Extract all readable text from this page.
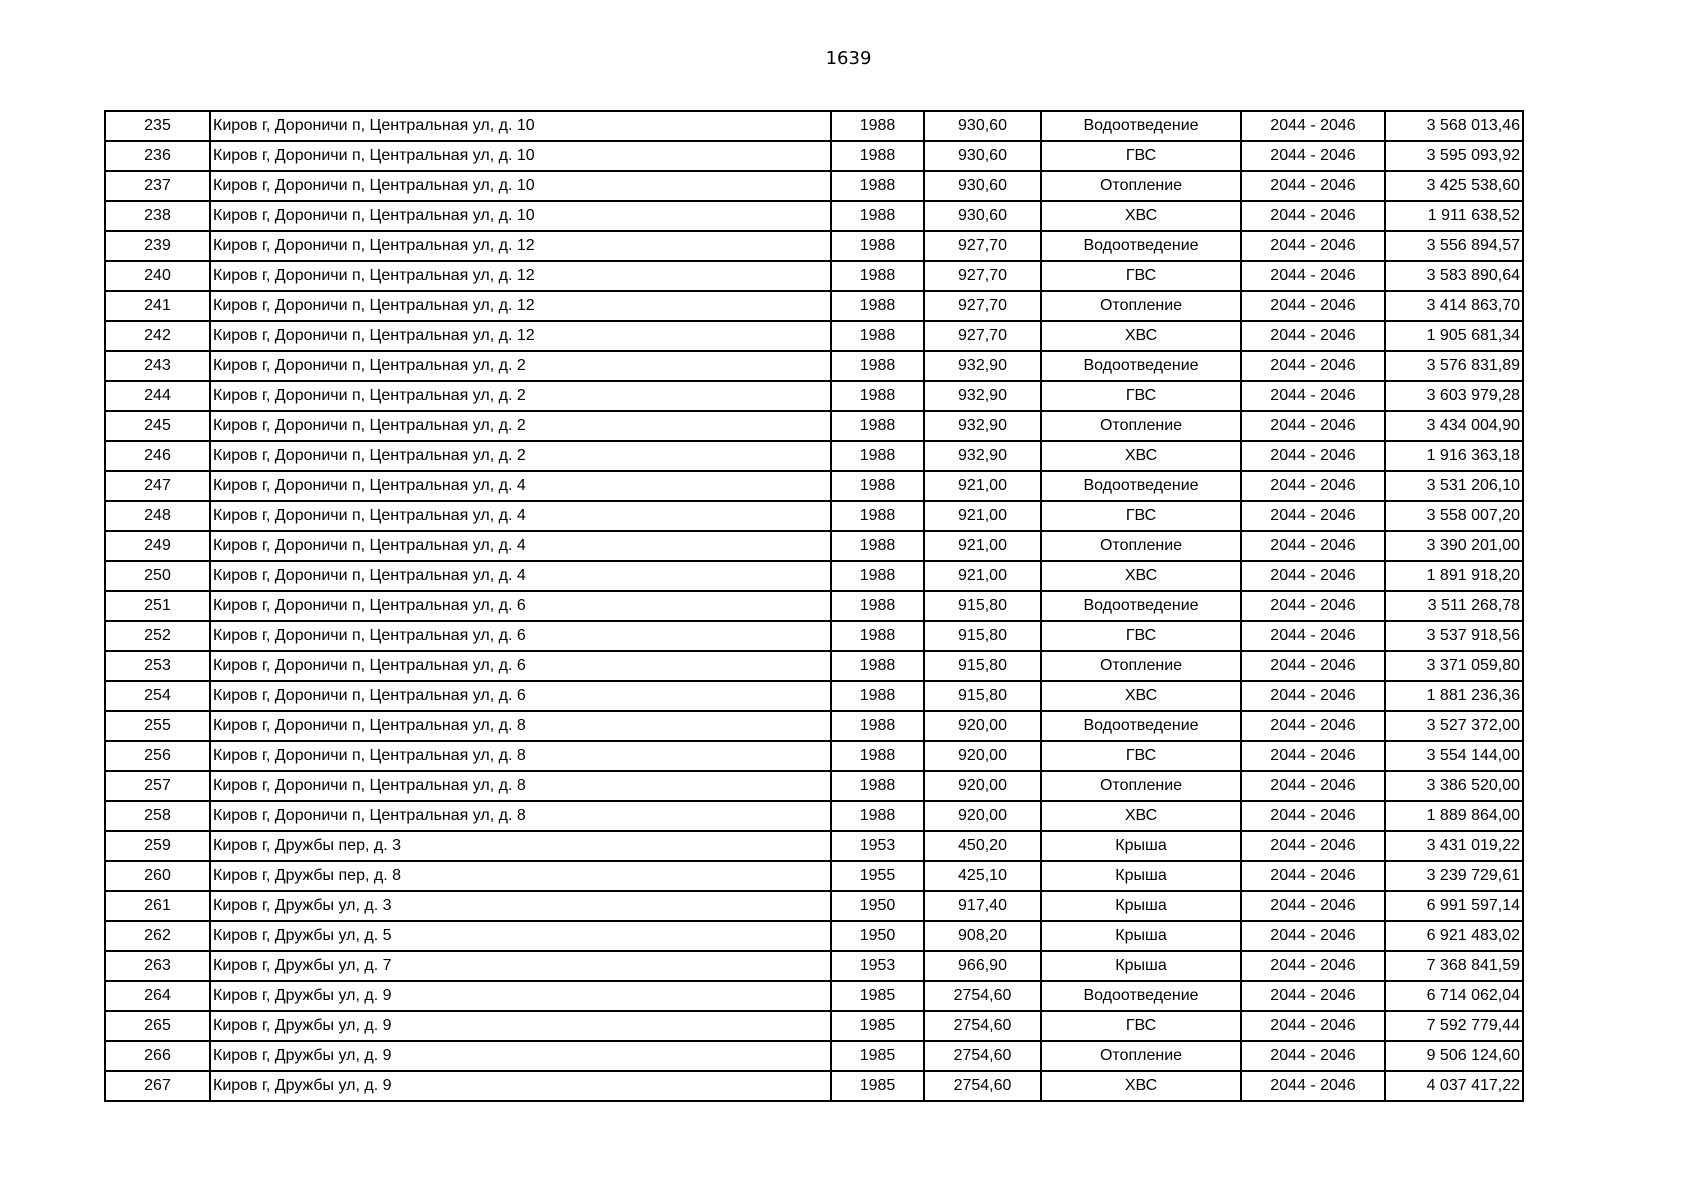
1639
235	Киров г, Дороничи п, Центральная ул, д. 10	1988	930,60	Водоотведение	2044 - 2046	3 568 013,46
236	Киров г, Дороничи п, Центральная ул, д. 10	1988	930,60	ГВС	2044 - 2046	3 595 093,92
237	Киров г, Дороничи п, Центральная ул, д. 10	1988	930,60	Отопление	2044 - 2046	3 425 538,60
238	Киров г, Дороничи п, Центральная ул, д. 10	1988	930,60	ХВС	2044 - 2046	1 911 638,52
239	Киров г, Дороничи п, Центральная ул, д. 12	1988	927,70	Водоотведение	2044 - 2046	3 556 894,57
240	Киров г, Дороничи п, Центральная ул, д. 12	1988	927,70	ГВС	2044 - 2046	3 583 890,64
241	Киров г, Дороничи п, Центральная ул, д. 12	1988	927,70	Отопление	2044 - 2046	3 414 863,70
242	Киров г, Дороничи п, Центральная ул, д. 12	1988	927,70	ХВС	2044 - 2046	1 905 681,34
243	Киров г, Дороничи п, Центральная ул, д. 2	1988	932,90	Водоотведение	2044 - 2046	3 576 831,89
244	Киров г, Дороничи п, Центральная ул, д. 2	1988	932,90	ГВС	2044 - 2046	3 603 979,28
245	Киров г, Дороничи п, Центральная ул, д. 2	1988	932,90	Отопление	2044 - 2046	3 434 004,90
246	Киров г, Дороничи п, Центральная ул, д. 2	1988	932,90	ХВС	2044 - 2046	1 916 363,18
247	Киров г, Дороничи п, Центральная ул, д. 4	1988	921,00	Водоотведение	2044 - 2046	3 531 206,10
248	Киров г, Дороничи п, Центральная ул, д. 4	1988	921,00	ГВС	2044 - 2046	3 558 007,20
249	Киров г, Дороничи п, Центральная ул, д. 4	1988	921,00	Отопление	2044 - 2046	3 390 201,00
250	Киров г, Дороничи п, Центральная ул, д. 4	1988	921,00	ХВС	2044 - 2046	1 891 918,20
251	Киров г, Дороничи п, Центральная ул, д. 6	1988	915,80	Водоотведение	2044 - 2046	3 511 268,78
252	Киров г, Дороничи п, Центральная ул, д. 6	1988	915,80	ГВС	2044 - 2046	3 537 918,56
253	Киров г, Дороничи п, Центральная ул, д. 6	1988	915,80	Отопление	2044 - 2046	3 371 059,80
254	Киров г, Дороничи п, Центральная ул, д. 6	1988	915,80	ХВС	2044 - 2046	1 881 236,36
255	Киров г, Дороничи п, Центральная ул, д. 8	1988	920,00	Водоотведение	2044 - 2046	3 527 372,00
256	Киров г, Дороничи п, Центральная ул, д. 8	1988	920,00	ГВС	2044 - 2046	3 554 144,00
257	Киров г, Дороничи п, Центральная ул, д. 8	1988	920,00	Отопление	2044 - 2046	3 386 520,00
258	Киров г, Дороничи п, Центральная ул, д. 8	1988	920,00	ХВС	2044 - 2046	1 889 864,00
259	Киров г, Дружбы пер, д. 3	1953	450,20	Крыша	2044 - 2046	3 431 019,22
260	Киров г, Дружбы пер, д. 8	1955	425,10	Крыша	2044 - 2046	3 239 729,61
261	Киров г, Дружбы ул, д. 3	1950	917,40	Крыша	2044 - 2046	6 991 597,14
262	Киров г, Дружбы ул, д. 5	1950	908,20	Крыша	2044 - 2046	6 921 483,02
263	Киров г, Дружбы ул, д. 7	1953	966,90	Крыша	2044 - 2046	7 368 841,59
264	Киров г, Дружбы ул, д. 9	1985	2754,60	Водоотведение	2044 - 2046	6 714 062,04
265	Киров г, Дружбы ул, д. 9	1985	2754,60	ГВС	2044 - 2046	7 592 779,44
266	Киров г, Дружбы ул, д. 9	1985	2754,60	Отопление	2044 - 2046	9 506 124,60
267	Киров г, Дружбы ул, д. 9	1985	2754,60	ХВС	2044 - 2046	4 037 417,22
